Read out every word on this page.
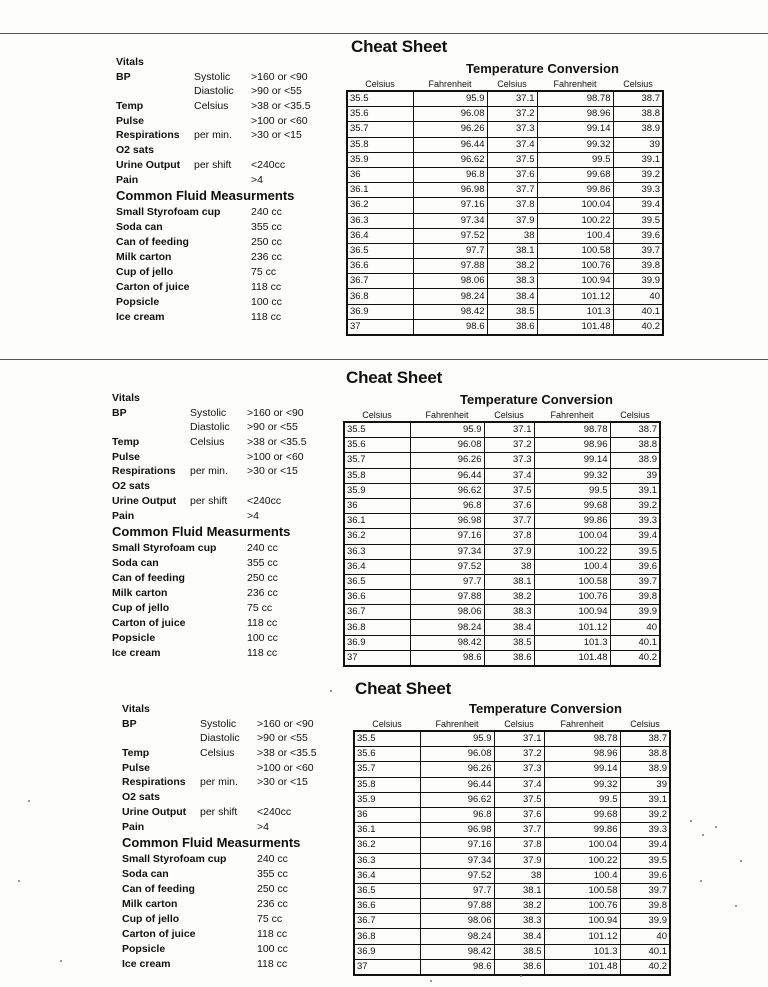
Cheat Sheet
Vitals
BP	Systolic >160 or <90
Diastolic >90 or <55
Temp	Celsius >38 or <35.5
Pulse	>100 or <60
Respirations per min. >30 or <15
O2 sats
Urine Output per shift <240cc
Pain	>4
Common Fluid Measurments
Small Styrofoam cup	240 cc
Soda can	355 cc
Can of feeding	250 cc
Milk carton	236 cc
Cup of jello	75 cc
Carton of juice	118 cc
Popsicle	100 cc
Ice cream	118 cc
Temperature Conversion
Celsius	Fahrenheit	Celsius	Fahrenheit	Celsius
35.5	95.9	37.1	98.78	38.7
35.6	96.08	37.2	98.96	38.8
35.7	96.26	37.3	99.14	38.9
35.8	96.44	37.4	99.32	39
35.9	96.62	37.5	99.5	39.1
36	96.8	37.6	99.68	39.2
36.1	96.98	37.7	99.86	39.3
36.2	97.16	37.8	100.04	39.4
36.3	97.34	37.9	100.22	39.5
36.4	97.52	38	100.4	39.6
36.5	97.7	38.1	100.58	39.7
36.6	97.88	38.2	100.76	39.8
36.7	98.06	38.3	100.94	39.9
36.8	98.24	38.4	101.12	40
36.9	98.42	38.5	101.3	40.1
37	98.6	38.6	101.48	40.2
Cheat Sheet
Vitals
BP	Systolic >160 or <90
Diastolic >90 or <55
Temp	Celsius >38 or <35.5
Pulse	>100 or <60
Respirations per min. >30 or <15
O2 sats
Urine Output per shift <240cc
Pain	>4
Common Fluid Measurments
Small Styrofoam cup	240 cc
Soda can	355 cc
Can of feeding	250 cc
Milk carton	236 cc
Cup of jello	75 cc
Carton of juice	118 cc
Popsicle	100 cc
Ice cream	118 cc
Temperature Conversion
Celsius	Fahrenheit	Celsius	Fahrenheit	Celsius
35.5	95.9	37.1	98.78	38.7
35.6	96.08	37.2	98.96	38.8
35.7	96.26	37.3	99.14	38.9
35.8	96.44	37.4	99.32	39
35.9	96.62	37.5	99.5	39.1
36	96.8	37.6	99.68	39.2
36.1	96.98	37.7	99.86	39.3
36.2	97.16	37.8	100.04	39.4
36.3	97.34	37.9	100.22	39.5
36.4	97.52	38	100.4	39.6
36.5	97.7	38.1	100.58	39.7
36.6	97.88	38.2	100.76	39.8
36.7	98.06	38.3	100.94	39.9
36.8	98.24	38.4	101.12	40
36.9	98.42	38.5	101.3	40.1
37	98.6	38.6	101.48	40.2
Cheat Sheet
Vitals
BP	Systolic >160 or <90
Diastolic >90 or <55
Temp	Celsius >38 or <35.5
Pulse	>100 or <60
Respirations per min. >30 or <15
O2 sats
Urine Output per shift <240cc
Pain	>4
Common Fluid Measurments
Small Styrofoam cup	240 cc
Soda can	355 cc
Can of feeding	250 cc
Milk carton	236 cc
Cup of jello	75 cc
Carton of juice	118 cc
Popsicle	100 cc
Ice cream	118 cc
Temperature Conversion
Celsius	Fahrenheit	Celsius	Fahrenheit	Celsius
35.5	95.9	37.1	98.78	38.7
35.6	96.08	37.2	98.96	38.8
35.7	96.26	37.3	99.14	38.9
35.8	96.44	37.4	99.32	39
35.9	96.62	37.5	99.5	39.1
36	96.8	37.6	99.68	39.2
36.1	96.98	37.7	99.86	39.3
36.2	97.16	37.8	100.04	39.4
36.3	97.34	37.9	100.22	39.5
36.4	97.52	38	100.4	39.6
36.5	97.7	38.1	100.58	39.7
36.6	97.88	38.2	100.76	39.8
36.7	98.06	38.3	100.94	39.9
36.8	98.24	38.4	101.12	40
36.9	98.42	38.5	101.3	40.1
37	98.6	38.6	101.48	40.2
